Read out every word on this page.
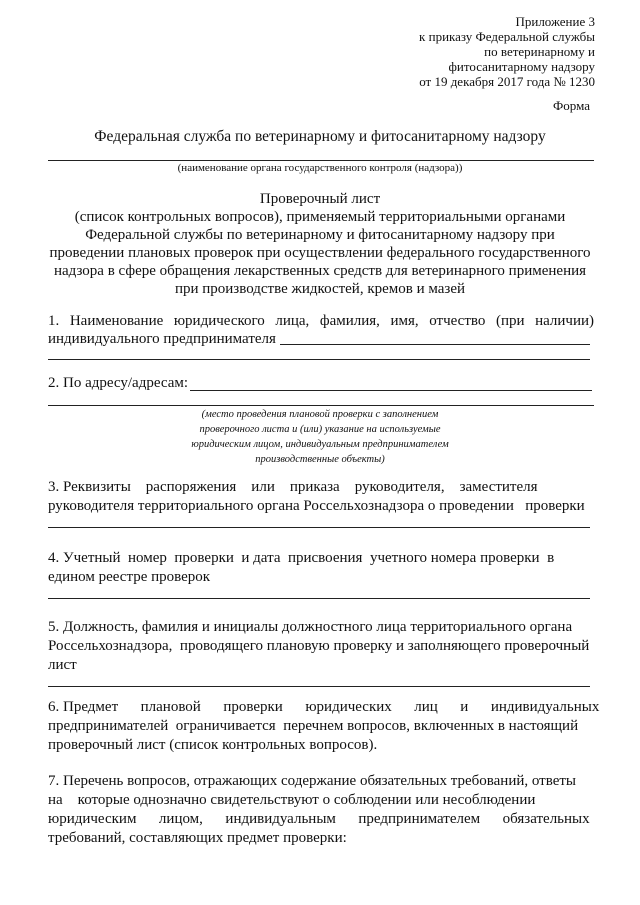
Приложение 3
к приказу Федеральной службы
по ветеринарному и
фитосанитарному надзору
от 19 декабря 2017 года № 1230
Форма
Федеральная служба по ветеринарному и фитосанитарному надзору
(наименование органа государственного контроля (надзора))
Проверочный лист
(список контрольных вопросов), применяемый территориальными органами
Федеральной службы по ветеринарному и фитосанитарному надзору при
проведении плановых проверок при осуществлении федерального государственного
надзора в сфере обращения лекарственных средств для ветеринарного применения
при производстве жидкостей, кремов и мазей
1. Наименование юридического лица, фамилия, имя, отчество (при наличии)
индивидуального предпринимателя
2. По адресу/адресам:
(место проведения плановой проверки с заполнением
проверочного листа и (или) указание на используемые
юридическим лицом, индивидуальным предпринимателем
производственные объекты)
3. Реквизиты    распоряжения    или    приказа    руководителя,    заместителя
руководителя территориального органа Россельхознадзора о проведении   проверки
4. Учетный  номер  проверки  и дата  присвоения  учетного номера проверки  в
едином реестре проверок
5. Должность, фамилия и инициалы должностного лица территориального органа
Россельхознадзора,  проводящего плановую проверку и заполняющего проверочный
лист
6. Предмет      плановой      проверки      юридических      лиц      и      индивидуальных
предпринимателей  ограничивается  перечнем вопросов, включенных в настоящий
проверочный лист (список контрольных вопросов).
7. Перечень вопросов, отражающих содержание обязательных требований, ответы
на    которые однозначно свидетельствуют о соблюдении или несоблюдении
юридическим      лицом,      индивидуальным      предпринимателем      обязательных
требований, составляющих предмет проверки:
